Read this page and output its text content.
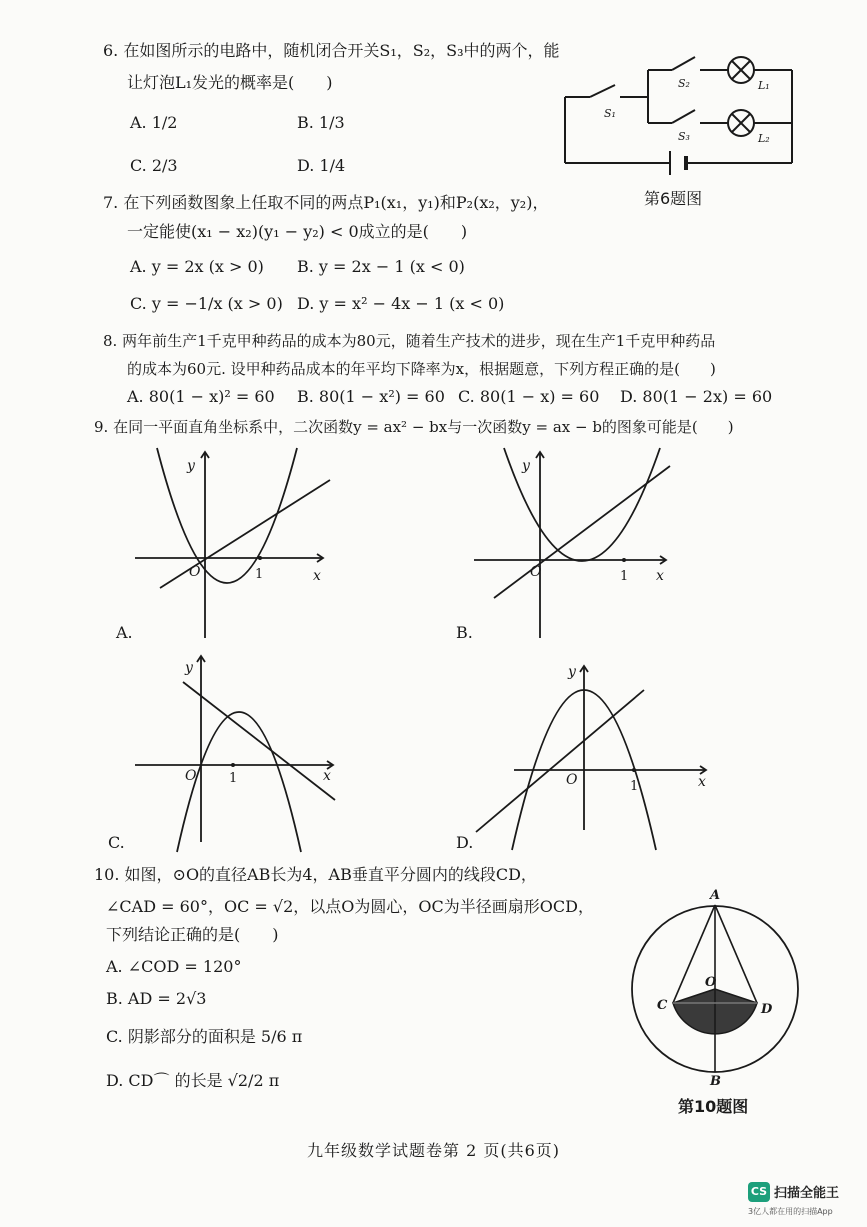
6. 在如图所示的电路中，随机闭合开关S₁，S₂，S₃中的两个，能
让灯泡L₁发光的概率是(　　)
A. 1/2	B. 1/3
C. 2/3	D. 1/4
S₁
S₂
S₃
L₁
L₂
第6题图
7. 在下列函数图象上任取不同的两点P₁(x₁，y₁)和P₂(x₂，y₂)，
一定能使(x₁ − x₂)(y₁ − y₂) < 0成立的是(　　)
A. y = 2x (x > 0) B. y = 2x − 1 (x < 0)
C. y = −1/x (x > 0) D. y = x² − 4x − 1 (x < 0)
8. 两年前生产1千克甲种药品的成本为80元，随着生产技术的进步，现在生产1千克甲种药品
的成本为60元. 设甲种药品成本的年平均下降率为x，根据题意，下列方程正确的是(　　)
A. 80(1 − x)² = 60 B. 80(1 − x²) = 60 C. 80(1 − x) = 60 D. 80(1 − 2x) = 60
9. 在同一平面直角坐标系中，二次函数y = ax² − bx与一次函数y = ax − b的图象可能是(　　)
y
x
O	1
A.
y
x
O	1
B.
y
x
O	1
C.
y
x
O	1
D.
10. 如图，⊙O的直径AB长为4，AB垂直平分圆内的线段CD，
∠CAD = 60°，OC = √2，以点O为圆心，OC为半径画扇形OCD，
下列结论正确的是(　　)
A. ∠COD = 120°
B. AD = 2√3
C. 阴影部分的面积是 5/6 π
D. CD⌒ 的长是 √2/2 π
A
B
C	D
O
第10题图
九年级数学试题卷第 2 页(共6页)
CS 扫描全能王
3亿人都在用的扫描App
